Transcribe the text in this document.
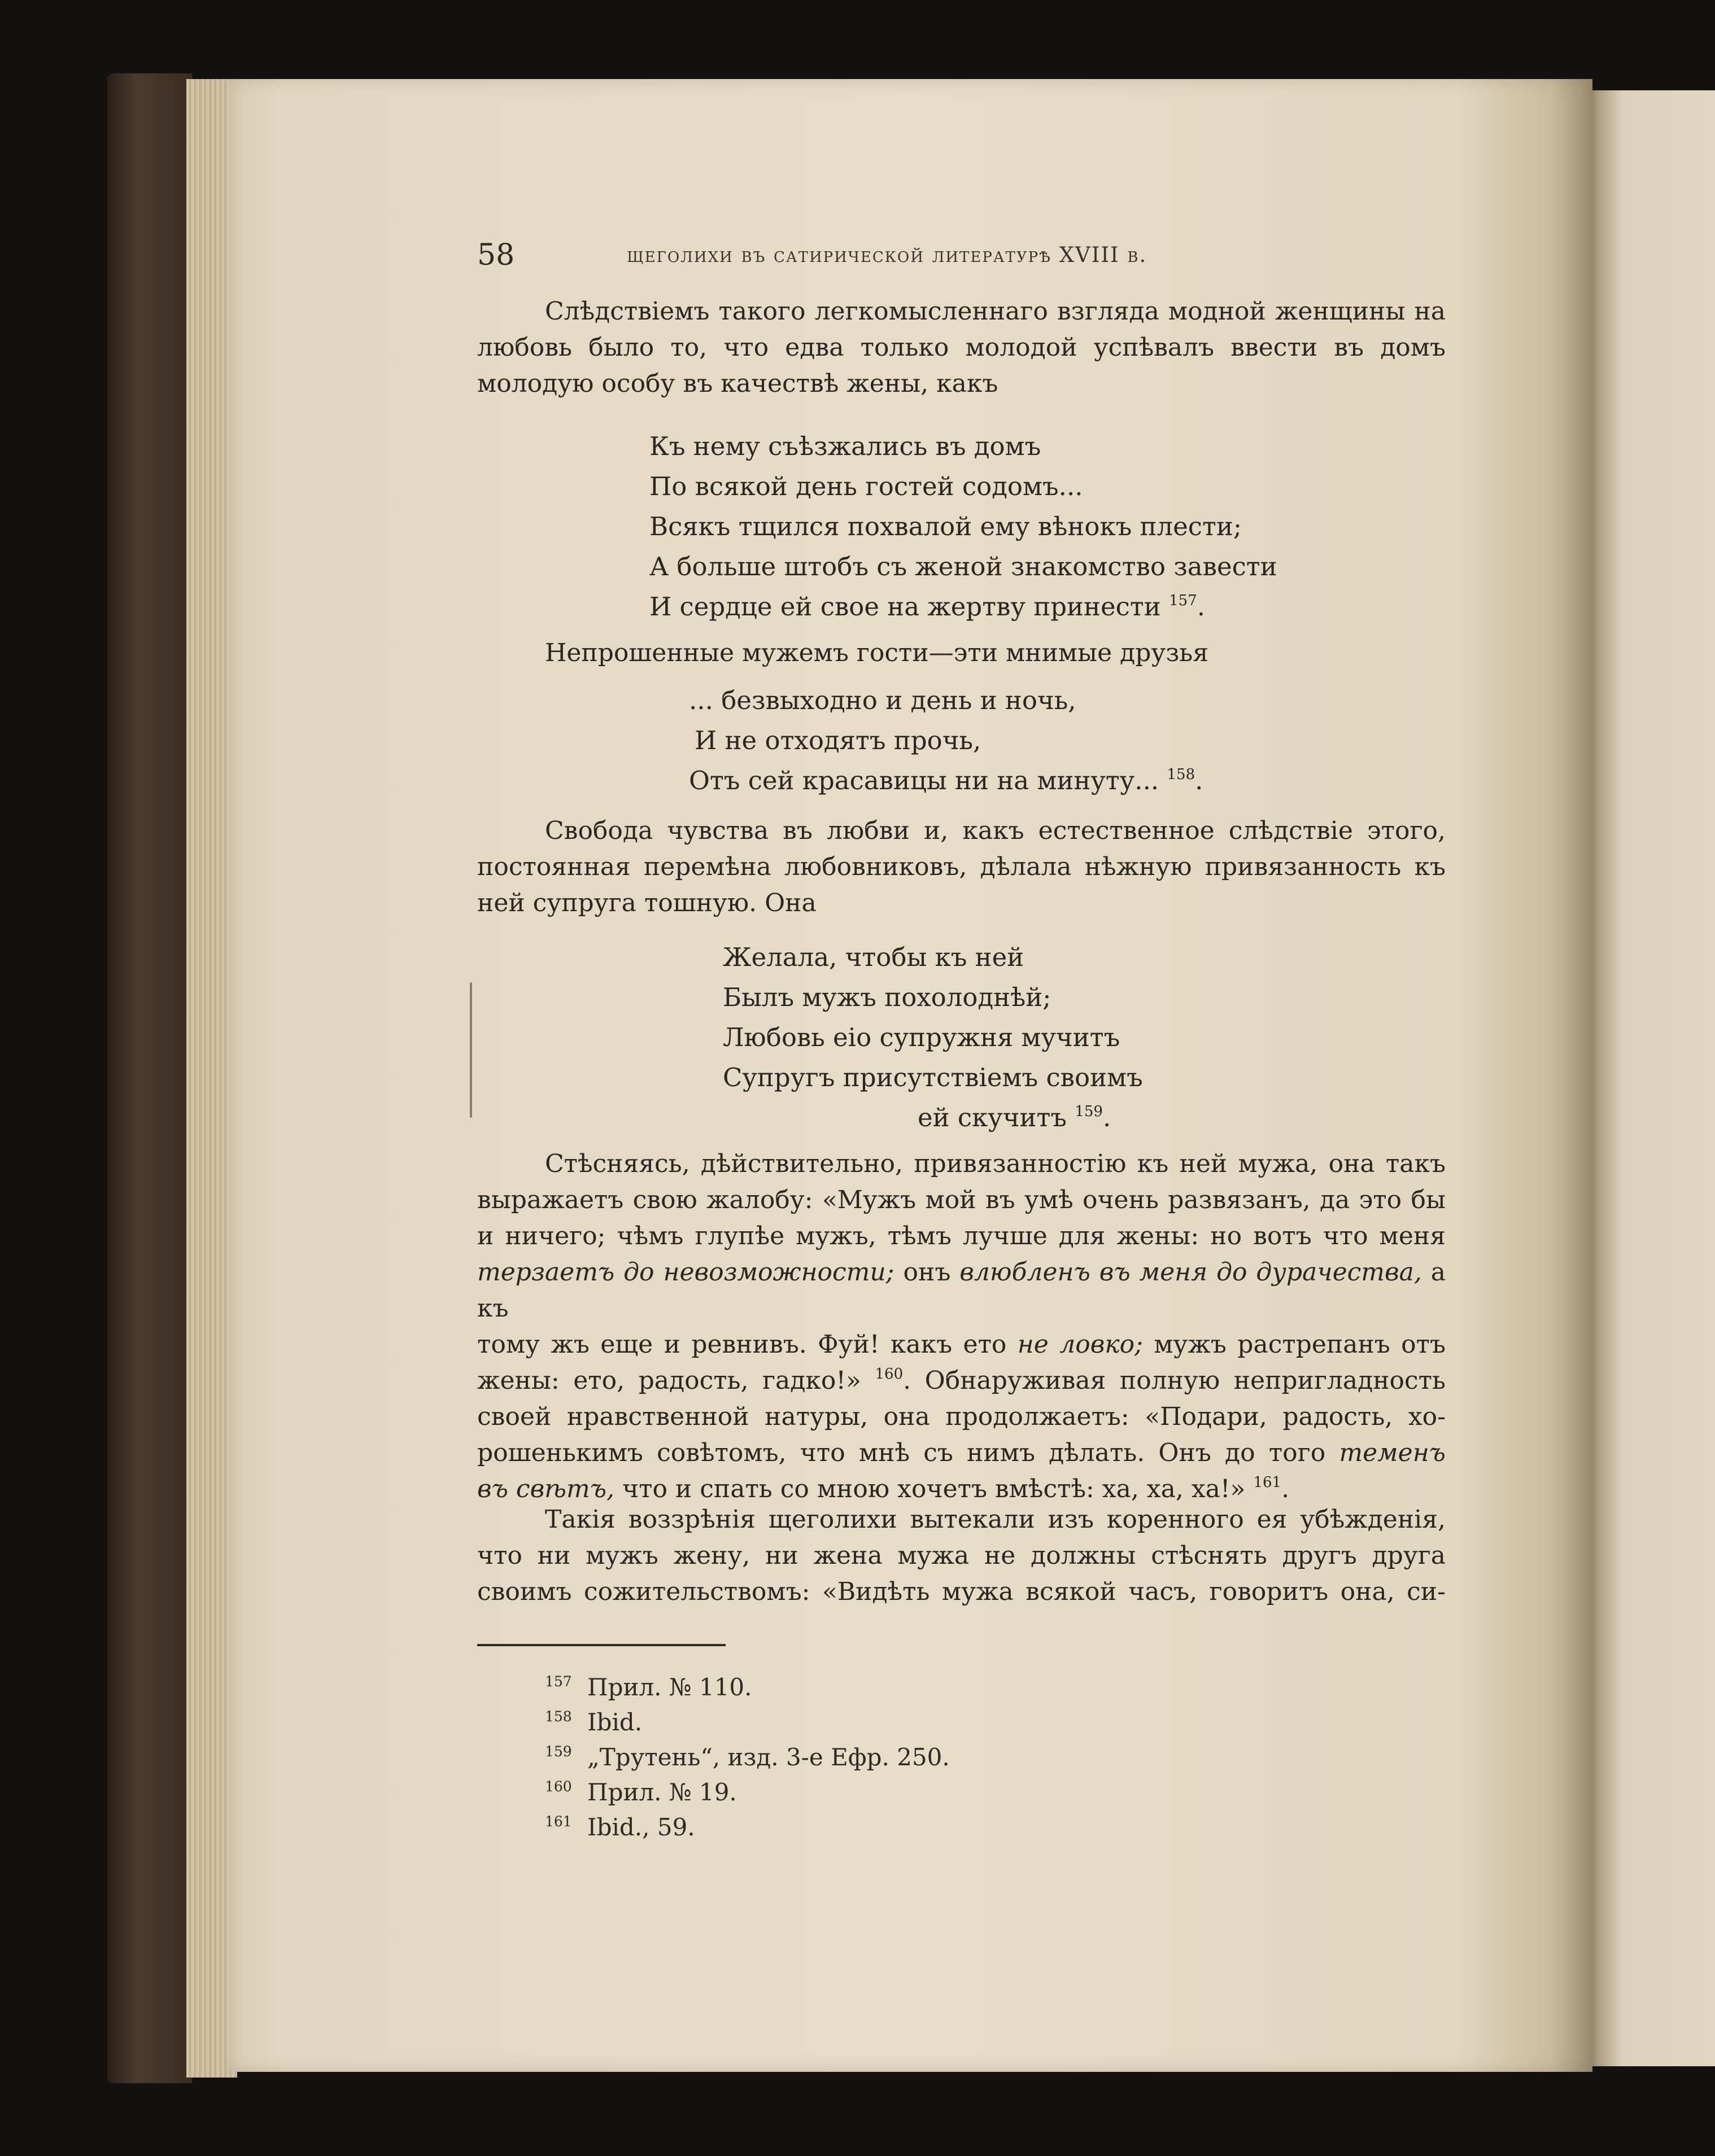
58	щеголихи въ сатирической литературѣ XVIII в.
Слѣдствіемъ такого легкомысленнаго взгляда модной женщины на
любовь было то, что едва только молодой успѣвалъ ввести въ домъ
молодую особу въ качествѣ жены, какъ
Къ нему съѣзжались въ домъ
По всякой день гостей содомъ...
Всякъ тщился похвалой ему вѣнокъ плести;
А больше штобъ съ женой знакомство завести
И сердце ей свое на жертву принести $^{157}$.
Непрошенные мужемъ гости—эти мнимые друзья
... безвыходно и день и ночь,
И не отходятъ прочь,
Отъ сей красавицы ни на минуту... $^{158}$.
Свобода чувства въ любви и, какъ естественное слѣдствіе этого,
постоянная перемѣна любовниковъ, дѣлала нѣжную привязанность къ
ней супруга тошную. Она
Желала, чтобы къ ней
Былъ мужъ похолоднѣй;
Любовь еіо супружня мучитъ
Супругъ присутствіемъ своимъ
ей скучитъ $^{159}$.
Стѣсняясь, дѣйствительно, привязанностію къ ней мужа, она такъ
выражаетъ свою жалобу: «Мужъ мой въ умѣ очень развязанъ, да это бы
и ничего; чѣмъ глупѣе мужъ, тѣмъ лучше для жены: но вотъ что меня
терзаетъ до невозможности; онъ влюбленъ въ меня до дурачества, а къ
тому жъ еще и ревнивъ. Фуй! какъ ето не ловко; мужъ растрепанъ отъ
жены: ето, радость, гадко!» $^{160}$. Обнаруживая полную непригладность
своей нравственной натуры, она продолжаетъ: «Подари, радость, хо-
рошенькимъ совѣтомъ, что мнѣ съ нимъ дѣлать. Онъ до того теменъ
въ свѣтъ, что и спать со мною хочетъ вмѣстѣ: ха, ха, ха!» $^{161}$.
Такія воззрѣнія щеголихи вытекали изъ коренного ея убѣжденія,
что ни мужъ жену, ни жена мужа не должны стѣснять другъ друга
своимъ сожительствомъ: «Видѣть мужа всякой часъ, говоритъ она, си-
157 Прил. № 110.
158 Ibid.
159 „Трутень“, изд. 3-е Ефр. 250.
160 Прил. № 19.
161 Ibid., 59.
